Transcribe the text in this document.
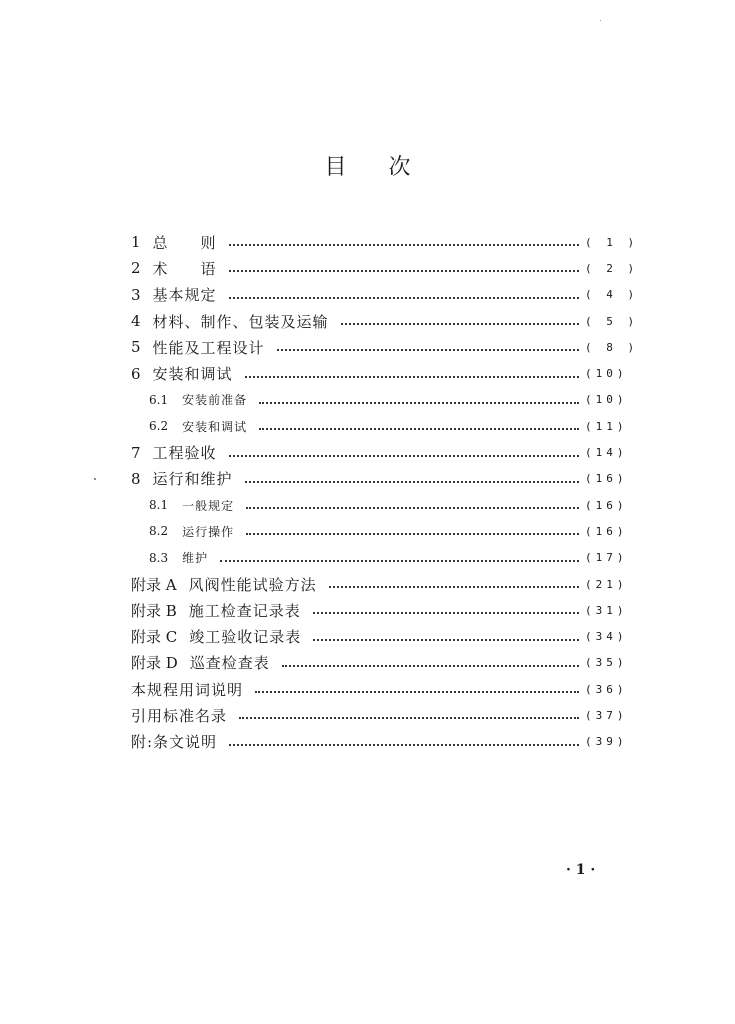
目 次
1 总　　则	( 1 )
2 术　　语	( 2 )
3 基本规定	( 4 )
4 材料、制作、包装及运输	( 5 )
5 性能及工程设计	( 8 )
6 安装和调试	(10)
6.1 安装前准备	(10)
6.2 安装和调试	(11)
7 工程验收	(14)
8 运行和维护	(16)
8.1 一般规定	(16)
8.2 运行操作	(16)
8.3 维护	(17)
附录 A 风阀性能试验方法	(21)
附录 B 施工检查记录表	(31)
附录 C 竣工验收记录表	(34)
附录 D 巡查检查表	(35)
本规程用词说明	(36)
引用标准名录	(37)
附:条文说明	(39)
· 1 ·
